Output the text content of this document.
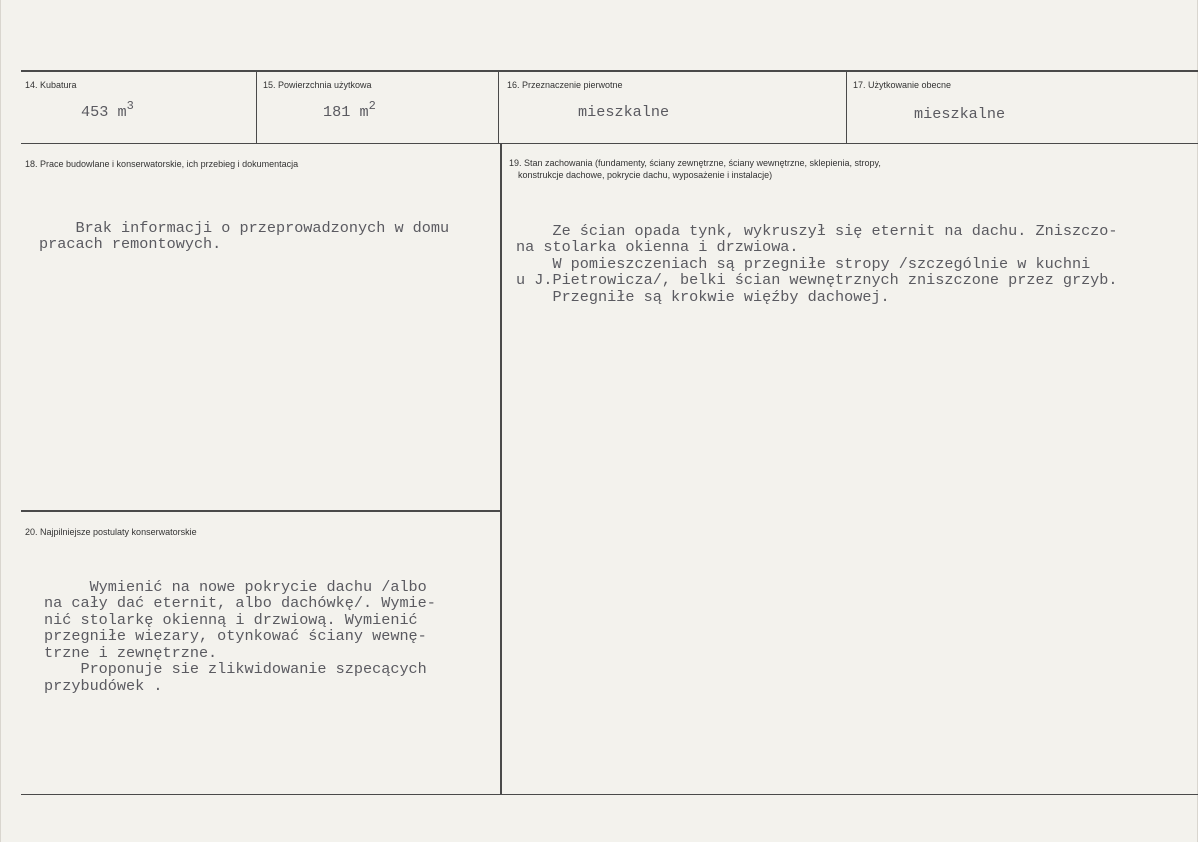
14. Kubatura
453 $m^3$
15. Powierzchnia użytkowa
181 $m^2$
16. Przeznaczenie pierwotne
mieszkalne
17. Użytkowanie obecne
mieszkalne
18. Prace budowlane i konserwatorskie, ich przebieg i dokumentacja

Brak informacji o przeprowadzonych w domu
pracach remontowych.
19. Stan zachowania (fundamenty, ściany zewnętrzne, ściany wewnętrzne, sklepienia, stropy,
konstrukcje dachowe, pokrycie dachu, wyposażenie i instalacje)

Ze ścian opada tynk, wykruszył się eternit na dachu. Zniszczo-
na stolarka okienna i drzwiowa.
W pomieszczeniach są przegniłe stropy /szczególnie w kuchni
u J.Pietrowicza/, belki ścian wewnętrznych zniszczone przez grzyb.
Przegniłe są krokwie więźby dachowej.
20. Najpilniejsze postulaty konserwatorskie

Wymienić na nowe pokrycie dachu /albo
na cały dać eternit, albo dachówkę/. Wymie-
nić stolarkę okienną i drzwiową. Wymienić
przegniłe wiezary, otynkować ściany wewnę-
trzne i zewnętrzne.
Proponuje sie zlikwidowanie szpecących
przybudówek .
